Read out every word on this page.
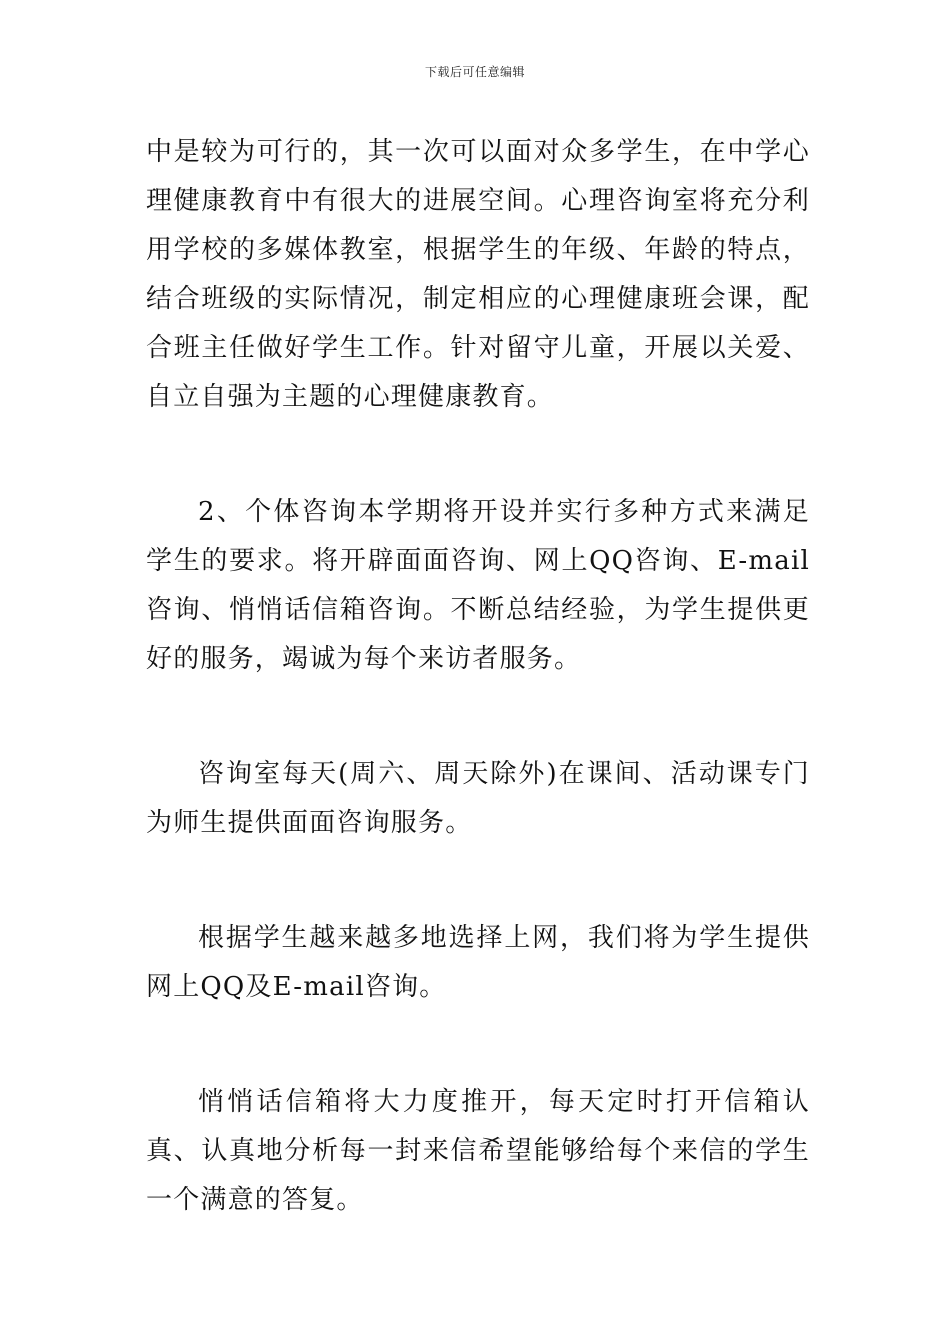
下载后可任意编辑

中是较为可行的，其一次可以面对众多学生，在中学心理健康教育中有很大的进展空间。心理咨询室将充分利用学校的多媒体教室，根据学生的年级、年龄的特点，结合班级的实际情况，制定相应的心理健康班会课，配合班主任做好学生工作。针对留守儿童，开展以关爱、自立自强为主题的心理健康教育。

2、个体咨询本学期将开设并实行多种方式来满足学生的要求。将开辟面面咨询、网上QQ咨询、E-mail咨询、悄悄话信箱咨询。不断总结经验，为学生提供更好的服务，竭诚为每个来访者服务。

咨询室每天(周六、周天除外)在课间、活动课专门为师生提供面面咨询服务。

根据学生越来越多地选择上网，我们将为学生提供网上QQ及E-mail咨询。

悄悄话信箱将大力度推开，每天定时打开信箱认真、认真地分析每一封来信希望能够给每个来信的学生一个满意的答复。
